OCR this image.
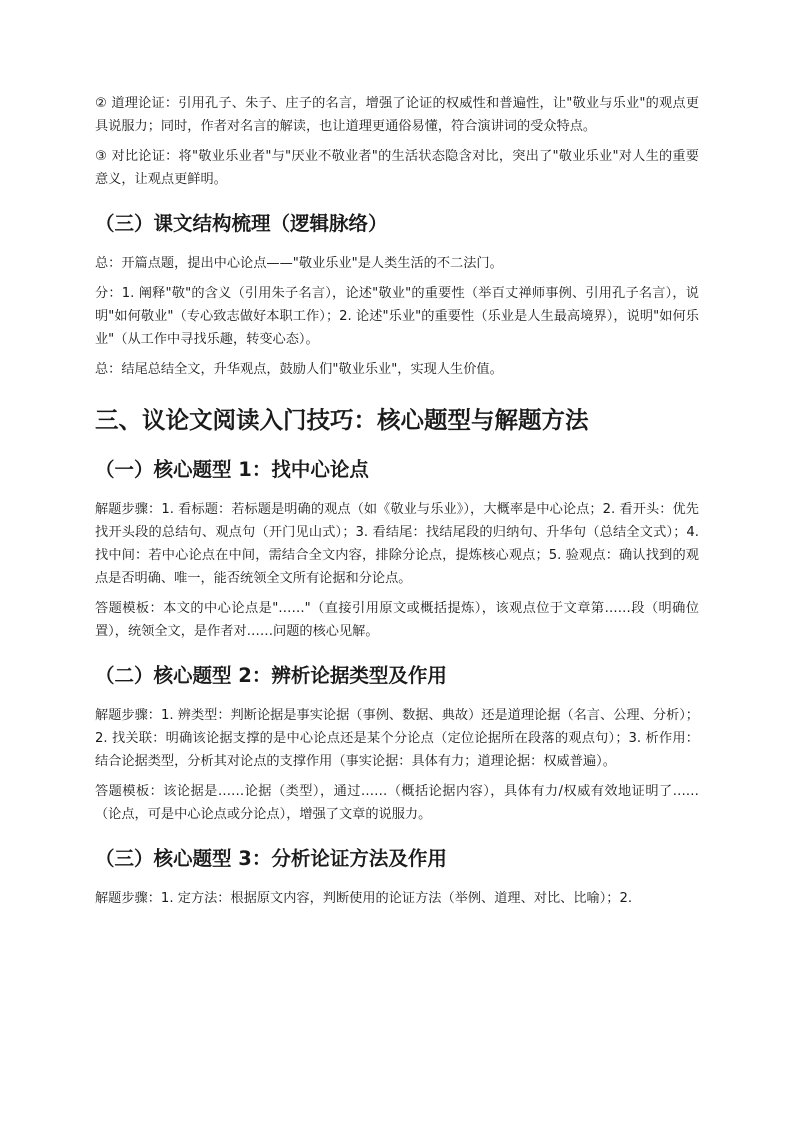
② 道理论证：引用孔子、朱子、庄子的名言，增强了论证的权威性和普遍性，让"敬业与乐业"的观点更具说服力；同时，作者对名言的解读，也让道理更通俗易懂，符合演讲词的受众特点。

③ 对比论证：将"敬业乐业者"与"厌业不敬业者"的生活状态隐含对比，突出了"敬业乐业"对人生的重要意义，让观点更鲜明。

（三）课文结构梳理（逻辑脉络）

总：开篇点题，提出中心论点——"敬业乐业"是人类生活的不二法门。

分：1. 阐释"敬"的含义（引用朱子名言），论述"敬业"的重要性（举百丈禅师事例、引用孔子名言），说明"如何敬业"（专心致志做好本职工作）；2. 论述"乐业"的重要性（乐业是人生最高境界），说明"如何乐业"（从工作中寻找乐趣，转变心态）。

总：结尾总结全文，升华观点，鼓励人们"敬业乐业"，实现人生价值。

三、议论文阅读入门技巧：核心题型与解题方法
（一）核心题型 1：找中心论点

解题步骤：1. 看标题：若标题是明确的观点（如《敬业与乐业》），大概率是中心论点；2. 看开头：优先找开头段的总结句、观点句（开门见山式）；3. 看结尾：找结尾段的归纳句、升华句（总结全文式）；4. 找中间：若中心论点在中间，需结合全文内容，排除分论点，提炼核心观点；5. 验观点：确认找到的观点是否明确、唯一，能否统领全文所有论据和分论点。

答题模板：本文的中心论点是"……"（直接引用原文或概括提炼），该观点位于文章第……段（明确位置），统领全文，是作者对……问题的核心见解。

（二）核心题型 2：辨析论据类型及作用

解题步骤：1. 辨类型：判断论据是事实论据（事例、数据、典故）还是道理论据（名言、公理、分析）；2. 找关联：明确该论据支撑的是中心论点还是某个分论点（定位论据所在段落的观点句）；3. 析作用：结合论据类型，分析其对论点的支撑作用（事实论据：具体有力；道理论据：权威普遍）。

答题模板：该论据是……论据（类型），通过……（概括论据内容），具体有力/权威有效地证明了……（论点，可是中心论点或分论点），增强了文章的说服力。

（三）核心题型 3：分析论证方法及作用

解题步骤：1. 定方法：根据原文内容，判断使用的论证方法（举例、道理、对比、比喻）；2.
